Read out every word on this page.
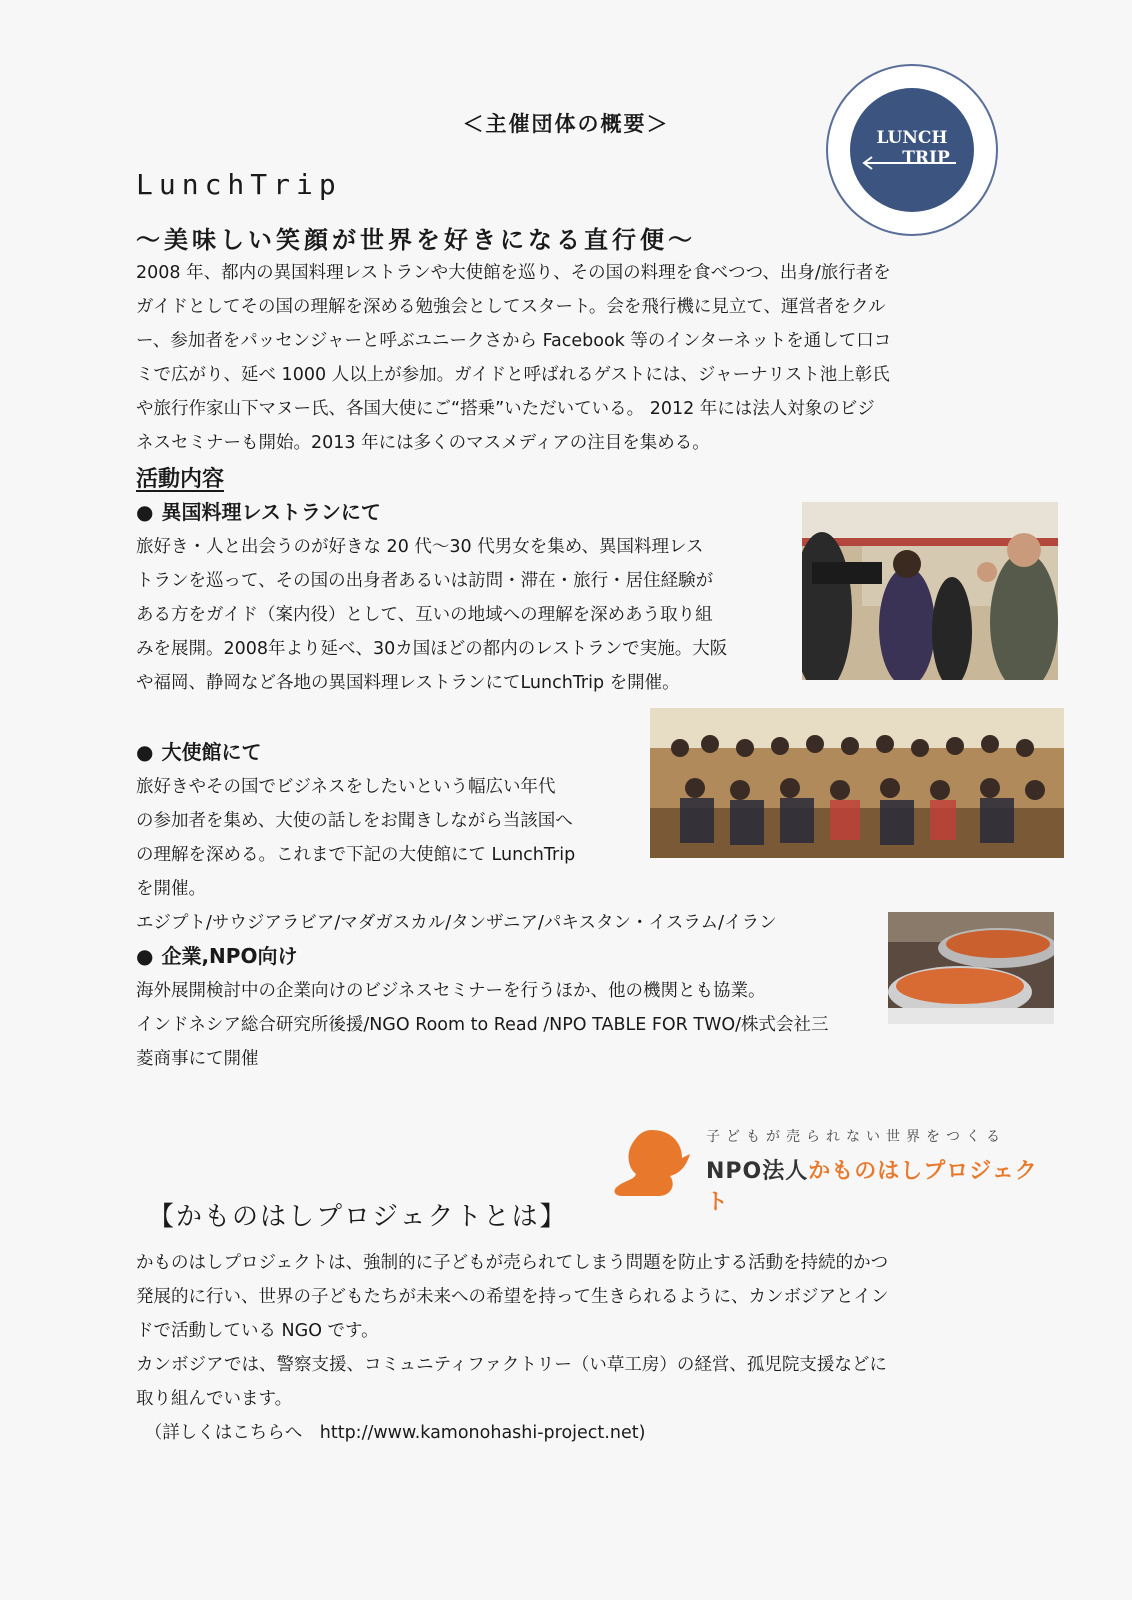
＜主催団体の概要＞
LUNCH
TRIP
LunchTrip
～美味しい笑顔が世界を好きになる直行便～

2008 年、都内の異国料理レストランや大使館を巡り、その国の料理を食べつつ、出身/旅行者を

ガイドとしてその国の理解を深める勉強会としてスタート。会を飛行機に見立て、運営者をクル

ー、参加者をパッセンジャーと呼ぶユニークさから Facebook 等のインターネットを通して口コ

ミで広がり、延べ 1000 人以上が参加。ガイドと呼ばれるゲストには、ジャーナリスト池上彰氏

や旅行作家山下マヌー氏、各国大使にご“搭乗”いただいている。 2012 年には法人対象のビジ

ネスセミナーも開始。2013 年には多くのマスメディアの注目を集める。

活動内容
● 異国料理レストランにて

旅好き・人と出会うのが好きな 20 代～30 代男女を集め、異国料理レス

トランを巡って、その国の出身者あるいは訪問・滞在・旅行・居住経験が

ある方をガイド（案内役）として、互いの地域への理解を深めあう取り組

みを展開。2008年より延べ、30カ国ほどの都内のレストランで実施。大阪

や福岡、静岡など各地の異国料理レストランにてLunchTrip を開催。

● 大使館にて

旅好きやその国でビジネスをしたいという幅広い年代

の参加者を集め、大使の話しをお聞きしながら当該国へ

の理解を深める。これまで下記の大使館にて LunchTrip

を開催。

エジプト/サウジアラビア/マダガスカル/タンザニア/パキスタン・イスラム/イラン

● 企業,NPO向け

海外展開検討中の企業向けのビジネスセミナーを行うほか、他の機関とも協業。

インドネシア総合研究所後援/NGO Room to Read /NPO TABLE FOR TWO/株式会社三

菱商事にて開催

子どもが売られない世界をつくる
NPO法人かものはしプロジェクト
【かものはしプロジェクトとは】

かものはしプロジェクトは、強制的に子どもが売られてしまう問題を防止する活動を持続的かつ

発展的に行い、世界の子どもたちが未来への希望を持って生きられるように、カンボジアとイン

ドで活動している NGO です。

カンボジアでは、警察支援、コミュニティファクトリー（い草工房）の経営、孤児院支援などに

取り組んでいます。

　（詳しくはこちらへ　http://www.kamonohashi-project.net)
